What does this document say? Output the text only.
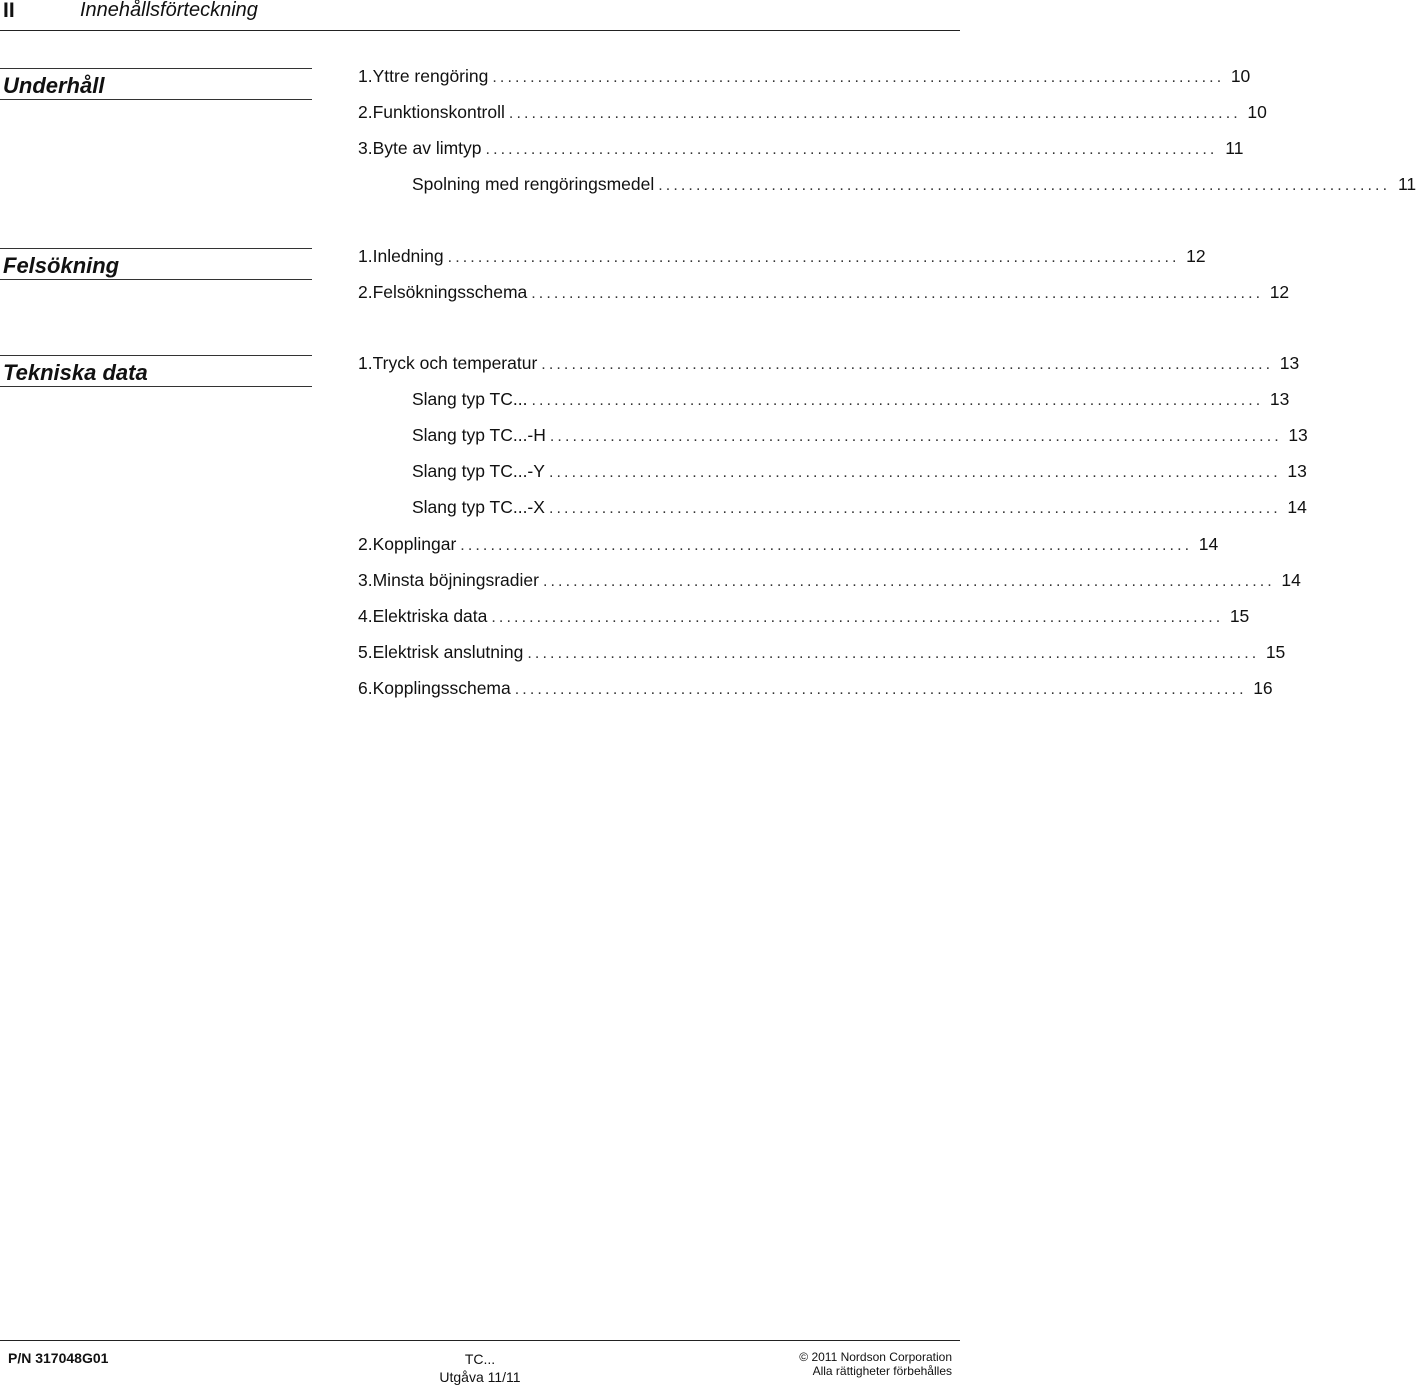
II	Innehållsförteckning
Underhåll	1. Yttre rengöring ................................................................................................. 10
2. Funktionskontroll ................................................................................................. 10
3. Byte av limtyp ................................................................................................. 11
Spolning med rengöringsmedel ................................................................................................. 11
Felsökning	1. Inledning ................................................................................................. 12
2. Felsökningsschema ................................................................................................. 12
Tekniska data	1. Tryck och temperatur ................................................................................................. 13
Slang typ TC... ................................................................................................. 13
Slang typ TC...-H ................................................................................................. 13
Slang typ TC...-Y ................................................................................................. 13
Slang typ TC...-X ................................................................................................. 14
2. Kopplingar ................................................................................................. 14
3. Minsta böjningsradier ................................................................................................. 14
4. Elektriska data ................................................................................................. 15
5. Elektrisk anslutning ................................................................................................. 15
6. Kopplingsschema ................................................................................................. 16
P/N 317048G01	TC...
Utgåva 11/11
© 2011 Nordson Corporation
Alla rättigheter förbehålles
